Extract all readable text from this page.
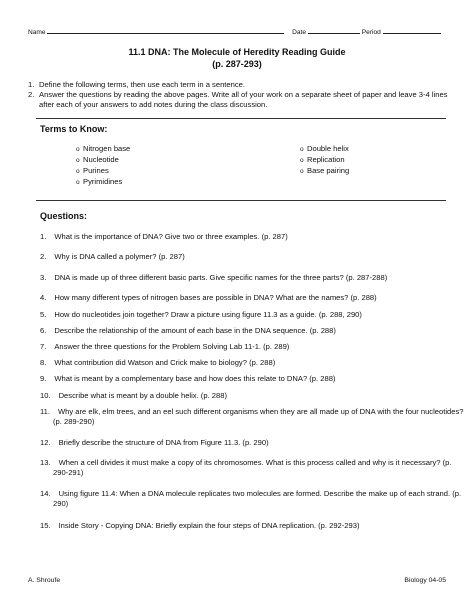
Name	Date	Period
11.1 DNA: The Molecule of Heredity Reading Guide
(p. 287-293)
1. Define the following terms, then use each term in a sentence.
2. Answer the questions by reading the above pages. Write all of your work on a separate sheet of paper and leave 3-4 lines after each of your answers to add notes during the class discussion.
Terms to Know:
o Nitrogen base
o Nucleotide
o Purines
o Pyrimidines
o Double helix
o Replication
o Base pairing
Questions:
1. What is the importance of DNA? Give two or three examples. (p. 287)
2. Why is DNA called a polymer? (p. 287)
3. DNA is made up of three different basic parts. Give specific names for the three parts? (p. 287-288)
4. How many different types of nitrogen bases are possible in DNA? What are the names? (p. 288)
5. How do nucleotides join together? Draw a picture using figure 11.3 as a guide. (p. 288, 290)
6. Describe the relationship of the amount of each base in the DNA sequence. (p. 288)
7. Answer the three questions for the Problem Solving Lab 11-1. (p. 289)
8. What contribution did Watson and Crick make to biology? (p. 288)
9. What is meant by a complementary base and how does this relate to DNA? (p. 288)
10. Describe what is meant by a double helix. (p. 288)
11. Why are elk, elm trees, and an eel such different organisms when they are all made up of DNA with the four nucleotides? (p. 289-290)
12. Briefly describe the structure of DNA from Figure 11.3. (p. 290)
13. When a cell divides it must make a copy of its chromosomes. What is this process called and why is it necessary? (p. 290-291)
14. Using figure 11.4: When a DNA molecule replicates two molecules are formed. Describe the make up of each strand. (p. 290)
15. Inside Story - Copying DNA: Briefly explain the four steps of DNA replication. (p. 292-293)
A. Shroufe	Biology 04-05
